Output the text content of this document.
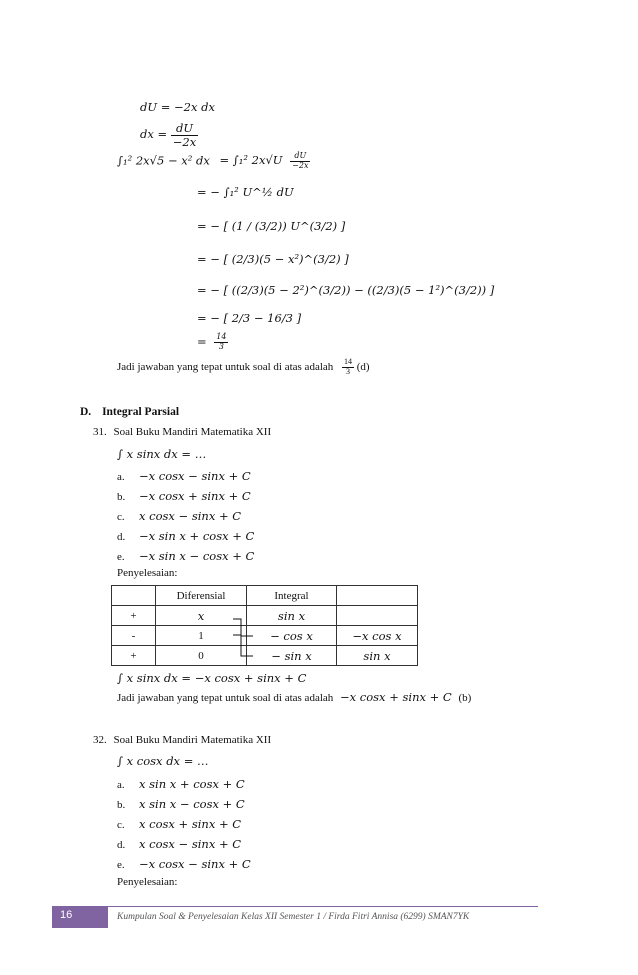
dU = −2x dx
dx = $\frac{dU}{-2x}$
∫₁² 2x√5 − x² dx = ∫₁² $2x√U \frac{dU}{-2x}$
= − ∫₁² U^½ dU
= − [ (1 / (3/2)) U^(3/2) ]
= − [ (2/3)(5 − x²)^(3/2) ]
= − [ ((2/3)(5 − 2²)^(3/2)) − ((2/3)(5 − 1²)^(3/2)) ]
= − [ 2/3 − 16/3 ]
= $\frac{14}{3}$
Jadi jawaban yang tepat untuk soal di atas adalah $\frac{14}{3} (d)$
D. Integral Parsial
31. Soal Buku Mandiri Matematika XII
∫ x sinx dx = …
a. −x cosx − sinx + C
b. −x cosx + sinx + C
c. x cosx − sinx + C
d. −x sin x + cosx + C
e. −x sin x − cosx + C
Penyelesaian:
	Diferensial	Integral	
+	x	sin x	
-	1	− cos x	−x cos x
+	0	− sin x	sin x
∫ x sinx dx = −x cosx + sinx + C
Jadi jawaban yang tepat untuk soal di atas adalah −x cosx + sinx + C (b)
32. Soal Buku Mandiri Matematika XII
∫ x cosx dx = …
a. x sin x + cosx + C
b. x sin x − cosx + C
c. x cosx + sinx + C
d. x cosx − sinx + C
e. −x cosx − sinx + C
Penyelesaian:
16	Kumpulan Soal & Penyelesaian Kelas XII Semester 1 / Firda Fitri Annisa (6299) SMAN7YK
